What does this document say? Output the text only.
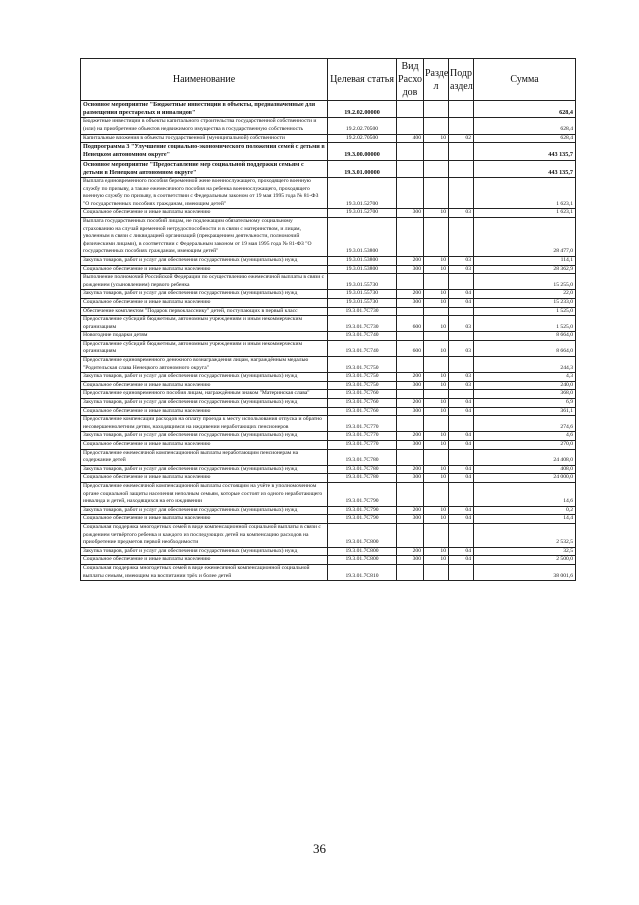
Наименование	Целевая статья	Вид Расхо дов	Разде л	Подр аздел	Сумма
Основное мероприятие "Бюджетные инвестиции в объекты, предназначенные для размещения престарелых и инвалидов"	19.2.02.00000				628,4
Бюджетные инвестиции в объекты капитального строительства государственной собственности и (или) на приобретение объектов недвижимого имущества в государственную собственность	19.2.02.70500				628,4
Капитальные вложения в объекты государственной (муниципальной) собственности	19.2.02.70500	400	10	02	628,4
Подпрограмма 3 "Улучшение социально-экономического положения семей с детьми в Ненецком автономном округе"	19.3.00.00000				443 135,7
Основное мероприятие "Предоставление мер социальной поддержки семьям с детьми в Ненецком автономном округе"	19.3.01.00000				443 135,7
Выплата единовременного пособия беременной жене военнослужащего, проходящего военную службу по призыву, а также ежемесячного пособия на ребенка военнослужащего, проходящего военную службу по призыву, в соответствии с Федеральным законом от 19 мая 1995 года № 81-ФЗ "О государственных пособиях гражданам, имеющим детей"	19.3.01.52700				1 623,1
Социальное обеспечение и иные выплаты населению	19.3.01.52700	300	10	03	1 623,1
Выплата государственных пособий лицам, не подлежащим обязательному социальному страхованию на случай временной нетрудоспособности и в связи с материнством, и лицам, уволенным в связи с ликвидацией организаций (прекращением деятельности, полномочий физическими лицами), в соответствии с Федеральным законом от 19 мая 1995 года № 81-ФЗ "О государственных пособиях гражданам, имеющим детей"	19.3.01.53800				28 477,0
Закупка товаров, работ и услуг для обеспечения государственных (муниципальных) нужд	19.3.01.53800	200	10	03	114,1
Социальное обеспечение и иные выплаты населению	19.3.01.53800	300	10	03	28 362,9
Выполнение полномочий Российской Федерации по осуществлению ежемесячной выплаты в связи с рождением (усыновлением) первого ребенка	19.3.01.55730				15 255,0
Закупка товаров, работ и услуг для обеспечения государственных (муниципальных) нужд	19.3.01.55730	200	10	04	22,0
Социальное обеспечение и иные выплаты населению	19.3.01.55730	300	10	04	15 233,0
Обеспечение комплектом "Подарок первокласснику" детей, поступающих в первый класс	19.3.01.7С730				1 525,0
Предоставление субсидий бюджетным, автономным учреждениям и иным некоммерческим организациям	19.3.01.7С730	600	10	03	1 525,0
Новогодние подарки детям	19.3.01.7С740				8 664,0
Предоставление субсидий бюджетным, автономным учреждениям и иным некоммерческим организациям	19.3.01.7С740	600	10	03	8 664,0
Предоставление единовременного денежного вознаграждения лицам, награждённым медалью "Родительская слава Ненецкого автономного округа"	19.3.01.7С750				244,3
Закупка товаров, работ и услуг для обеспечения государственных (муниципальных) нужд	19.3.01.7С750	200	10	03	4,3
Социальное обеспечение и иные выплаты населению	19.3.01.7С750	300	10	03	240,0
Предоставление единовременного пособия лицам, награждённым знаком "Материнская слава"	19.3.01.7С760				368,0
Закупка товаров, работ и услуг для обеспечения государственных (муниципальных) нужд	19.3.01.7С760	200	10	04	6,9
Социальное обеспечение и иные выплаты населению	19.3.01.7С760	300	10	04	361,1
Предоставление компенсации расходов на оплату проезда к месту использования отпуска и обратно несовершеннолетним детям, находящимся на иждивении неработающих пенсионеров	19.3.01.7С770				274,6
Закупка товаров, работ и услуг для обеспечения государственных (муниципальных) нужд	19.3.01.7С770	200	10	04	4,6
Социальное обеспечение и иные выплаты населению	19.3.01.7С770	300	10	04	270,0
Предоставление ежемесячной компенсационной выплаты неработающим пенсионерам на содержание детей	19.3.01.7С780				24 408,0
Закупка товаров, работ и услуг для обеспечения государственных (муниципальных) нужд	19.3.01.7С780	200	10	04	408,0
Социальное обеспечение и иные выплаты населению	19.3.01.7С780	300	10	04	24 000,0
Предоставление ежемесячной компенсационной выплаты состоящим на учёте в уполномоченном органе социальной защиты населения неполным семьям, которые состоят из одного неработающего инвалида и детей, находящихся на его иждивении	19.3.01.7С790				14,6
Закупка товаров, работ и услуг для обеспечения государственных (муниципальных) нужд	19.3.01.7С790	200	10	04	0,2
Социальное обеспечение и иные выплаты населению	19.3.01.7С790	300	10	04	14,4
Социальная поддержка многодетных семей в виде компенсационной социальной выплаты в связи с рождением четвёртого ребенка и каждого из последующих детей на компенсацию расходов на приобретение предметов первой необходимости	19.3.01.7С800				2 532,5
Закупка товаров, работ и услуг для обеспечения государственных (муниципальных) нужд	19.3.01.7С800	200	10	04	32,5
Социальное обеспечение и иные выплаты населению	19.3.01.7С800	300	10	04	2 500,0
Социальная поддержка многодетных семей в виде ежемесячной компенсационной социальной выплаты семьям, имеющим на воспитании трёх и более детей	19.3.01.7С810				38 001,6
36
